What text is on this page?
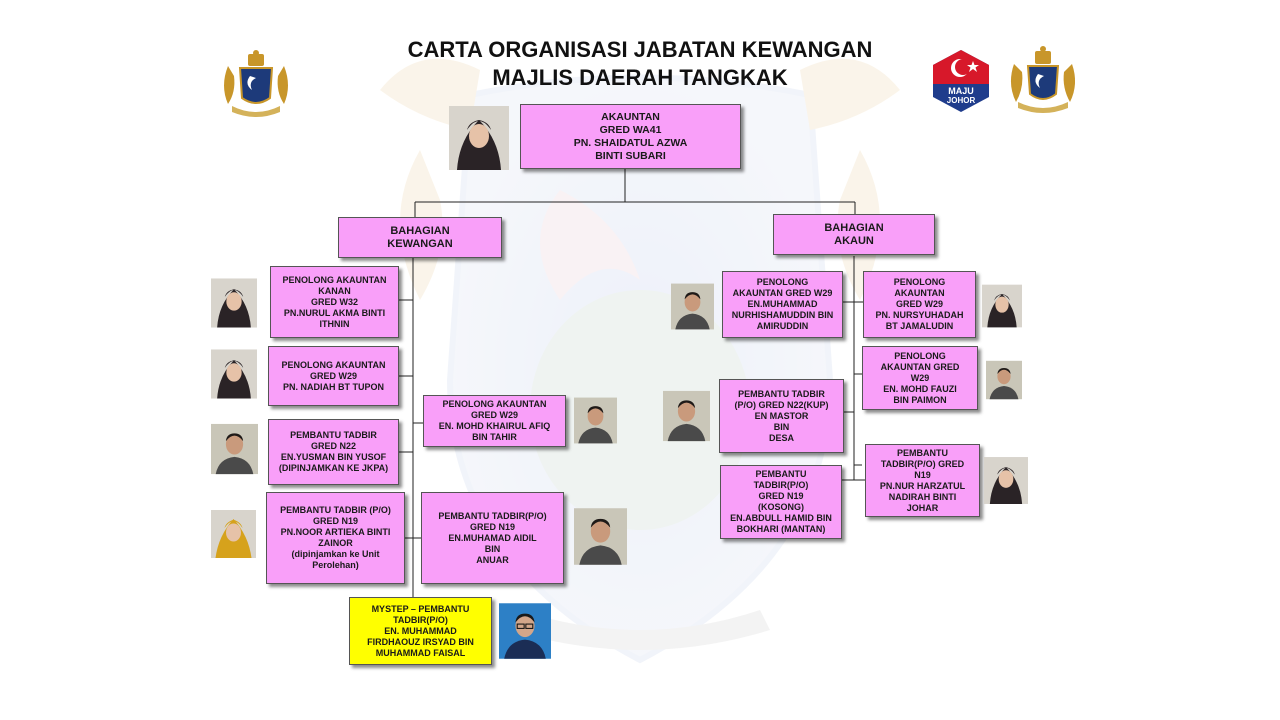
CARTA ORGANISASI JABATAN KEWANGAN
MAJLIS DAERAH TANGKAK
MAJU
JOHOR
AKAUNTAN
GRED WA41
PN. SHAIDATUL AZWA
BINTI SUBARI
BAHAGIAN
KEWANGAN
BAHAGIAN
AKAUN
PENOLONG AKAUNTAN
KANAN
GRED W32
PN.NURUL AKMA BINTI
ITHNIN
PENOLONG AKAUNTAN
GRED W29
PN. NADIAH BT TUPON
PENOLONG AKAUNTAN
GRED W29
EN. MOHD KHAIRUL AFIQ
BIN TAHIR
PEMBANTU TADBIR
GRED N22
EN.YUSMAN BIN YUSOF
(DIPINJAMKAN KE JKPA)
PEMBANTU TADBIR (P/O)
GRED N19
PN.NOOR ARTIEKA BINTI
ZAINOR
(dipinjamkan ke Unit
Perolehan)
PEMBANTU TADBIR(P/O)
GRED N19
EN.MUHAMAD AIDIL
BIN
ANUAR
MYSTEP – PEMBANTU
TADBIR(P/O)
EN. MUHAMMAD
FIRDHAOUZ IRSYAD BIN
MUHAMMAD FAISAL
PENOLONG
AKAUNTAN GRED W29
EN.MUHAMMAD
NURHISHAMUDDIN BIN
AMIRUDDIN
PENOLONG
AKAUNTAN
GRED W29
PN. NURSYUHADAH
BT JAMALUDIN
PENOLONG
AKAUNTAN GRED
W29
EN. MOHD FAUZI
BIN PAIMON
PEMBANTU TADBIR
(P/O) GRED N22(KUP)
EN MASTOR
BIN
DESA
PEMBANTU
TADBIR(P/O) GRED
N19
PN.NUR HARZATUL
NADIRAH BINTI
JOHAR
PEMBANTU
TADBIR(P/O)
GRED N19
(KOSONG)
EN.ABDULL HAMID BIN
BOKHARI (MANTAN)
